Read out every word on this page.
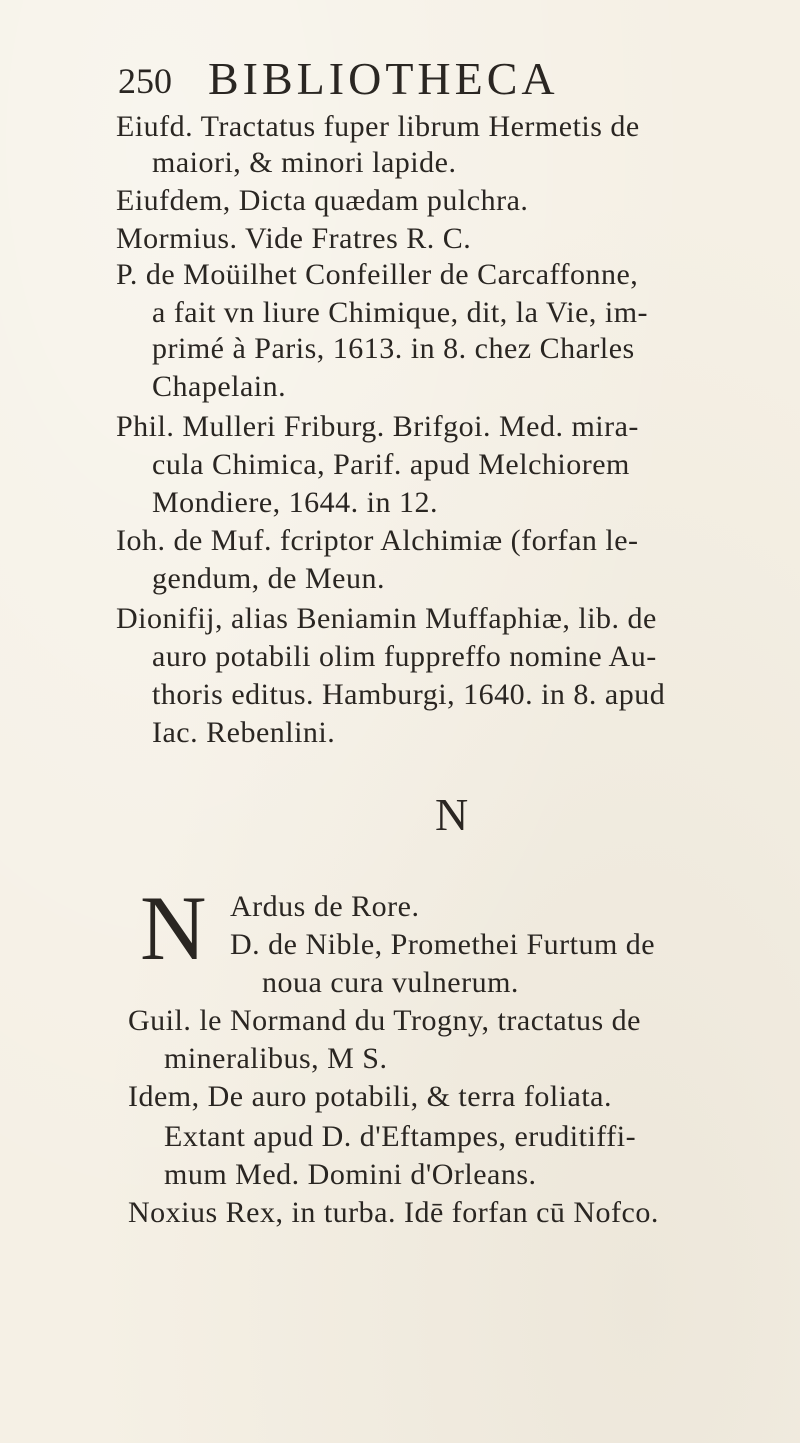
250 BIBLIOTHECA
Eiufd. Tractatus fuper librum Hermetis de
maiori, & minori lapide.
Eiufdem, Dicta quædam pulchra.
Mormius. Vide Fratres R. C.
P. de Moüilhet Confeiller de Carcaffonne,
a fait vn liure Chimique, dit, la Vie, im-
primé à Paris, 1613. in 8. chez Charles
Chapelain.
Phil. Mulleri Friburg. Brifgoi. Med. mira-
cula Chimica, Parif. apud Melchiorem
Mondiere, 1644. in 12.
Ioh. de Muf. fcriptor Alchimiæ (forfan le-
gendum, de Meun.
Dionifij, alias Beniamin Muffaphiæ, lib. de
auro potabili olim fuppreffo nomine Au-
thoris editus. Hamburgi, 1640. in 8. apud
Iac. Rebenlini.
N
N Ardus de Rore.
D. de Nible, Promethei Furtum de
noua cura vulnerum.
Guil. le Normand du Trogny, tractatus de
mineralibus, M S.
Idem, De auro potabili, & terra foliata.
Extant apud D. d'Eftampes, eruditiffi-
mum Med. Domini d'Orleans.
Noxius Rex, in turba. Idē forfan cū Nofco.
